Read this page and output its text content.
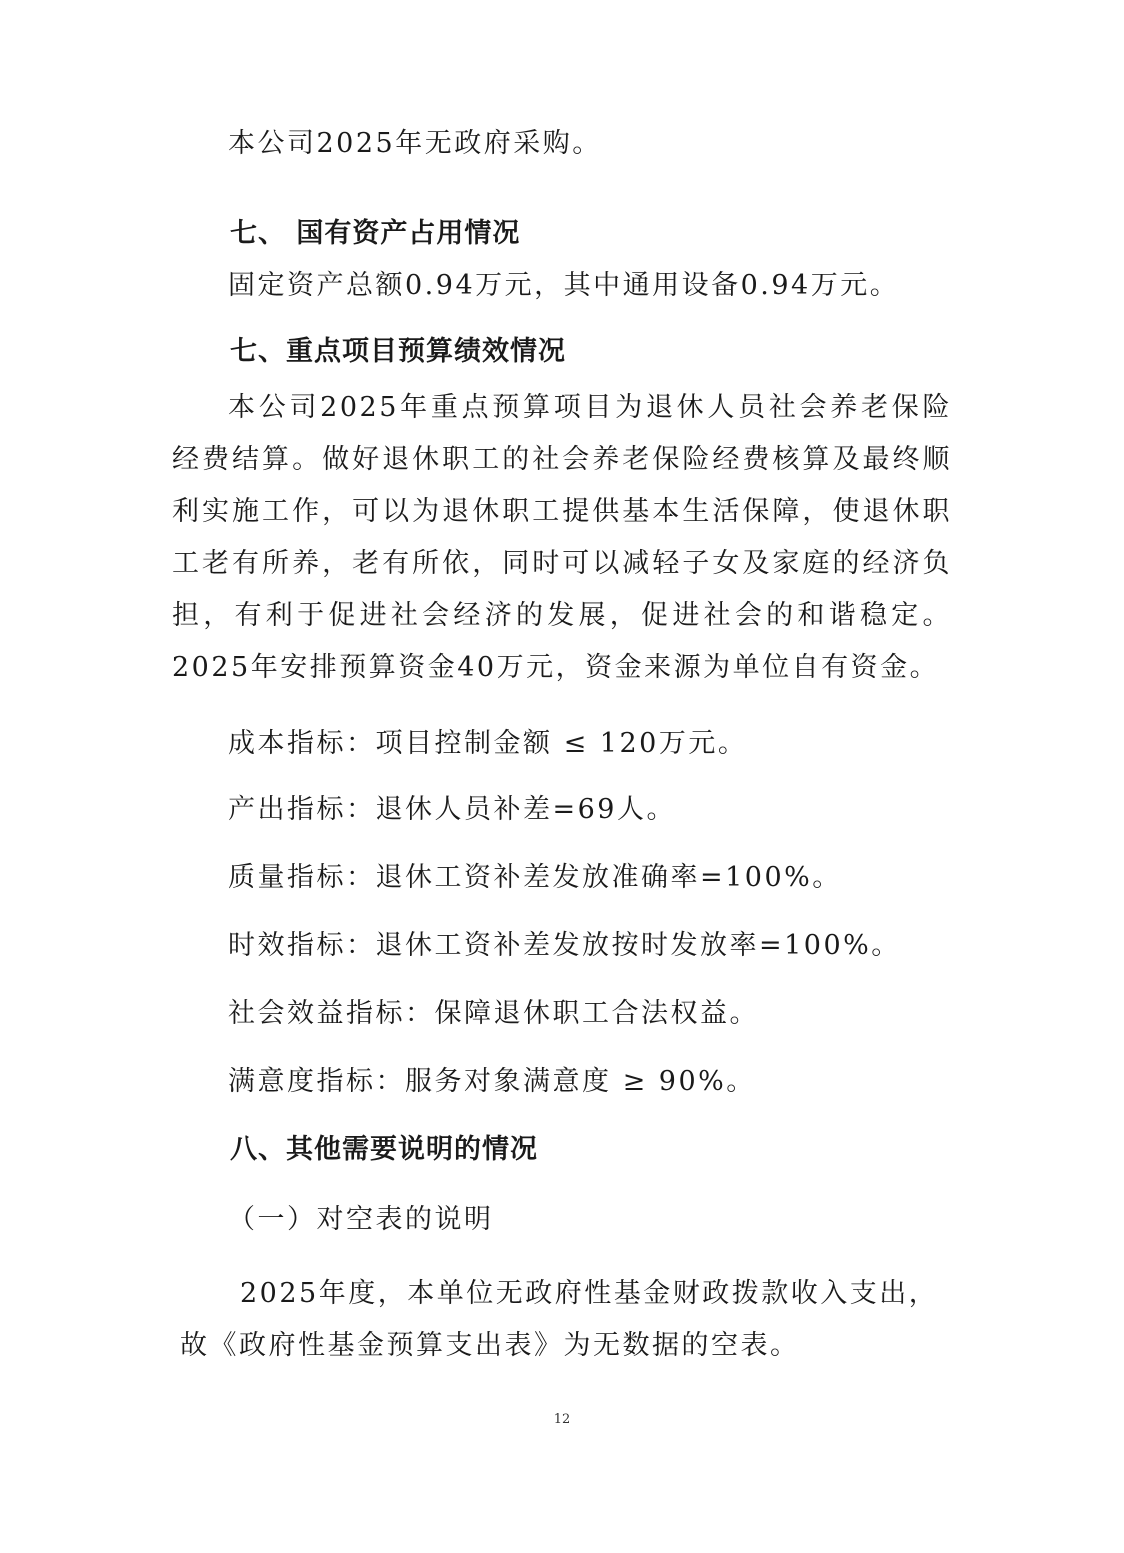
本公司2025年无政府采购。

七、 国有资产占用情况

固定资产总额0.94万元，其中通用设备0.94万元。

七、重点项目预算绩效情况

本公司2025年重点预算项目为退休人员社会养老保险经费结算。做好退休职工的社会养老保险经费核算及最终顺利实施工作，可以为退休职工提供基本生活保障，使退休职工老有所养，老有所依，同时可以减轻子女及家庭的经济负担，有利于促进社会经济的发展，促进社会的和谐稳定。2025年安排预算资金40万元，资金来源为单位自有资金。

成本指标：项目控制金额 ≤ 120万元。

产出指标：退休人员补差=69人。

质量指标：退休工资补差发放准确率=100%。

时效指标：退休工资补差发放按时发放率=100%。

社会效益指标：保障退休职工合法权益。

满意度指标：服务对象满意度 ≥ 90%。

八、其他需要说明的情况

（一）对空表的说明

2025年度，本单位无政府性基金财政拨款收入支出，故《政府性基金预算支出表》为无数据的空表。

12
